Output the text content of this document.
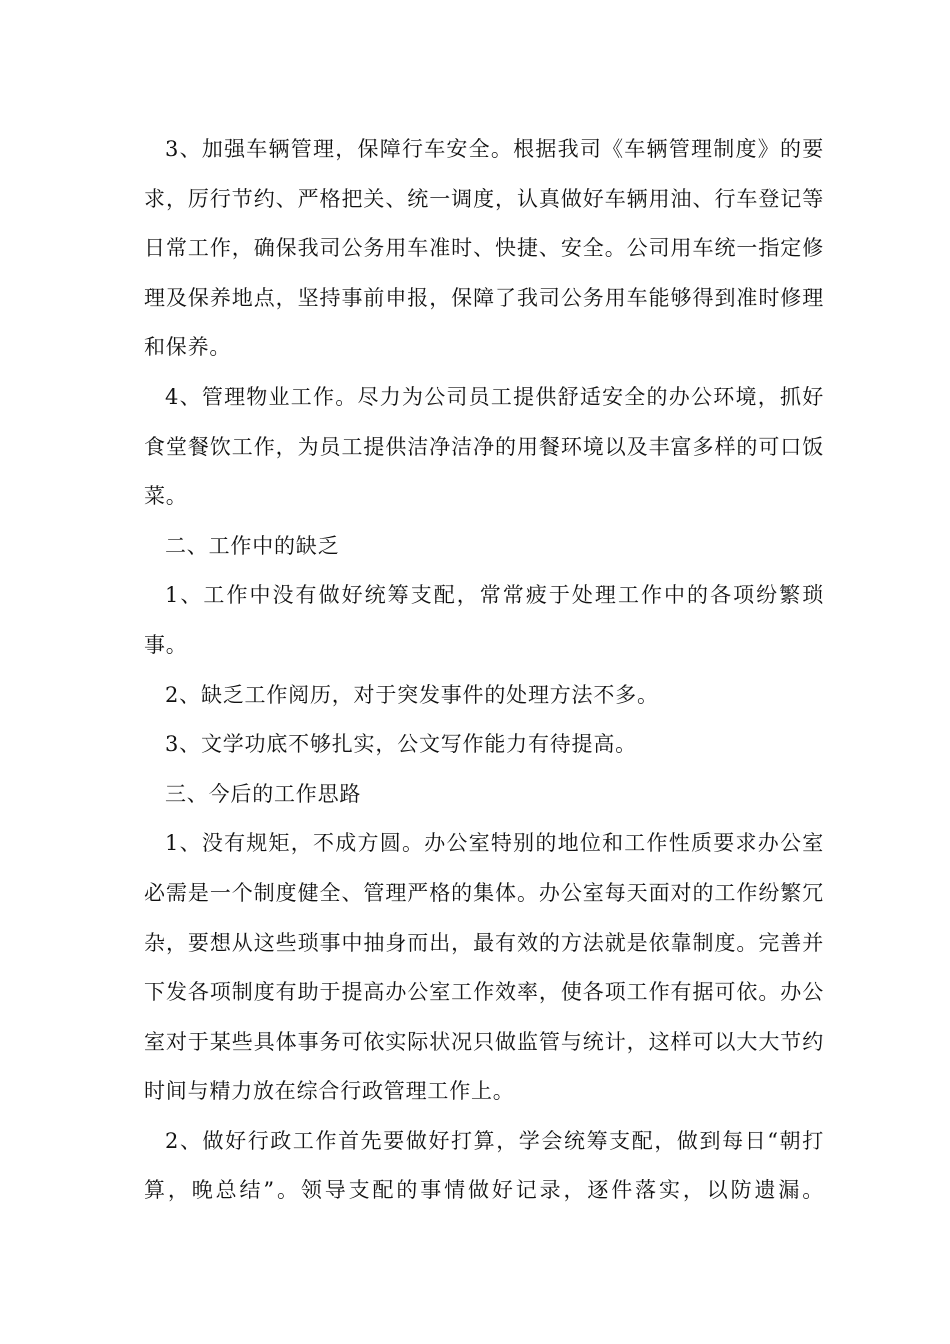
3、加强车辆管理，保障行车安全。根据我司《车辆管理制度》的要求，厉行节约、严格把关、统一调度，认真做好车辆用油、行车登记等日常工作，确保我司公务用车准时、快捷、安全。公司用车统一指定修理及保养地点，坚持事前申报，保障了我司公务用车能够得到准时修理和保养。

4、管理物业工作。尽力为公司员工提供舒适安全的办公环境，抓好食堂餐饮工作，为员工提供洁净洁净的用餐环境以及丰富多样的可口饭菜。

二、工作中的缺乏

1、工作中没有做好统筹支配，常常疲于处理工作中的各项纷繁琐事。

2、缺乏工作阅历，对于突发事件的处理方法不多。

3、文学功底不够扎实，公文写作能力有待提高。

三、今后的工作思路

1、没有规矩，不成方圆。办公室特别的地位和工作性质要求办公室必需是一个制度健全、管理严格的集体。办公室每天面对的工作纷繁冗杂，要想从这些琐事中抽身而出，最有效的方法就是依靠制度。完善并下发各项制度有助于提高办公室工作效率，使各项工作有据可依。办公室对于某些具体事务可依实际状况只做监管与统计，这样可以大大节约时间与精力放在综合行政管理工作上。

2、做好行政工作首先要做好打算，学会统筹支配，做到每日“朝打算，晚总结”。领导支配的事情做好记录，逐件落实，以防遗漏。
